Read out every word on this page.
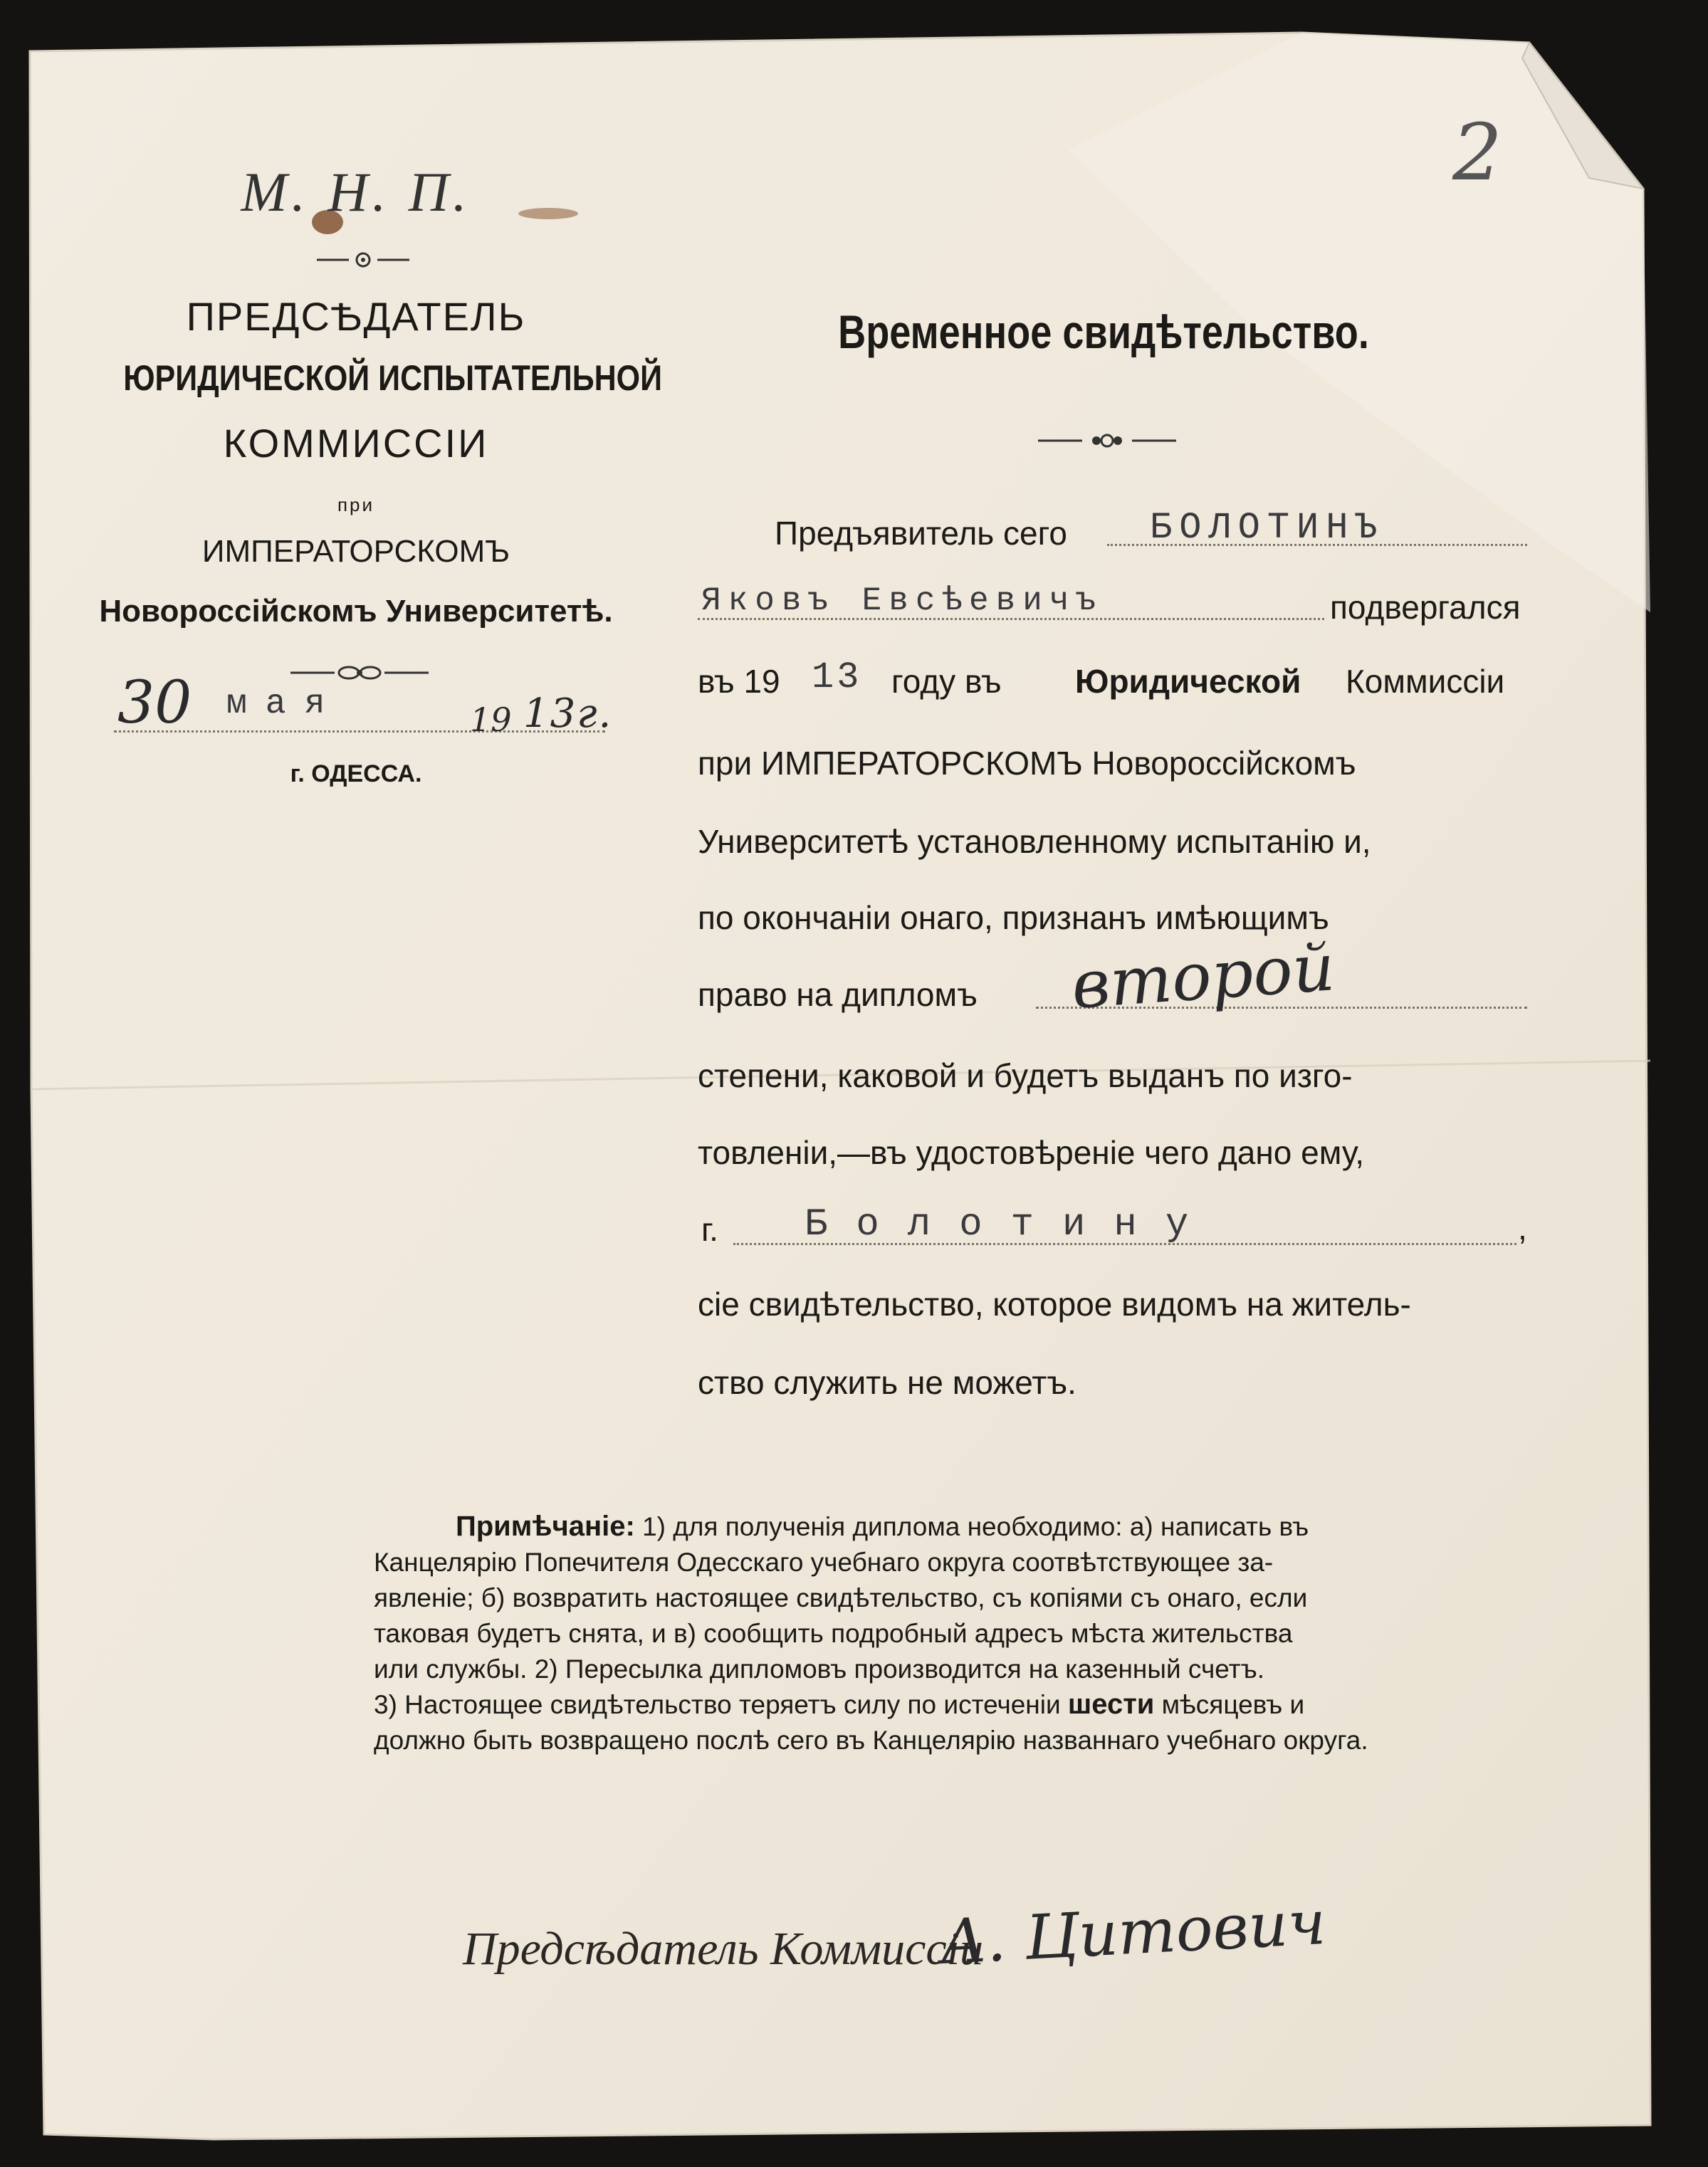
2
М. Н. П.
ПРЕДСѢДАТЕЛЬ
ЮРИДИЧЕСКОЙ ИСПЫТАТЕЛЬНОЙ
КОММИССІИ
при
ИМПЕРАТОРСКОМЪ
Новороссійскомъ Университетѣ.
30 мая	19 13г.
г. ОДЕССА.
Временное свидѣтельство.
Предъявитель сего БОЛОТИНЪ
Яковъ Евсѣевичъ	подвергался
въ 19 13 году въ Юридической Коммиссіи
при ИМПЕРАТОРСКОМЪ Новороссійскомъ
Университетѣ установленному испытанію и,
по окончаніи онаго, признанъ имѣющимъ
право на дипломъ второй
степени, каковой и будетъ выданъ по изго-
товленіи,—въ удостовѣреніе чего дано ему,
г. Болотину	,
сіе свидѣтельство, которое видомъ на житель-
ство служить не можетъ.
Примѣчаніе: 1) для полученія диплома необходимо: а) написать въ
Канцелярію Попечителя Одесскаго учебнаго округа соотвѣтствующее за-
явленіе; б) возвратить настоящее свидѣтельство, съ копіями съ онаго, если
таковая будетъ снята, и в) сообщить подробный адресъ мѣста жительства
или службы. 2) Пересылка дипломовъ производится на казенный счетъ.
3) Настоящее свидѣтельство теряетъ силу по истеченіи шести мѣсяцевъ и
должно быть возвращено послѣ сего въ Канцелярію названнаго учебнаго округа.
Предсѣдатель Коммиссіи
А. Цитович
